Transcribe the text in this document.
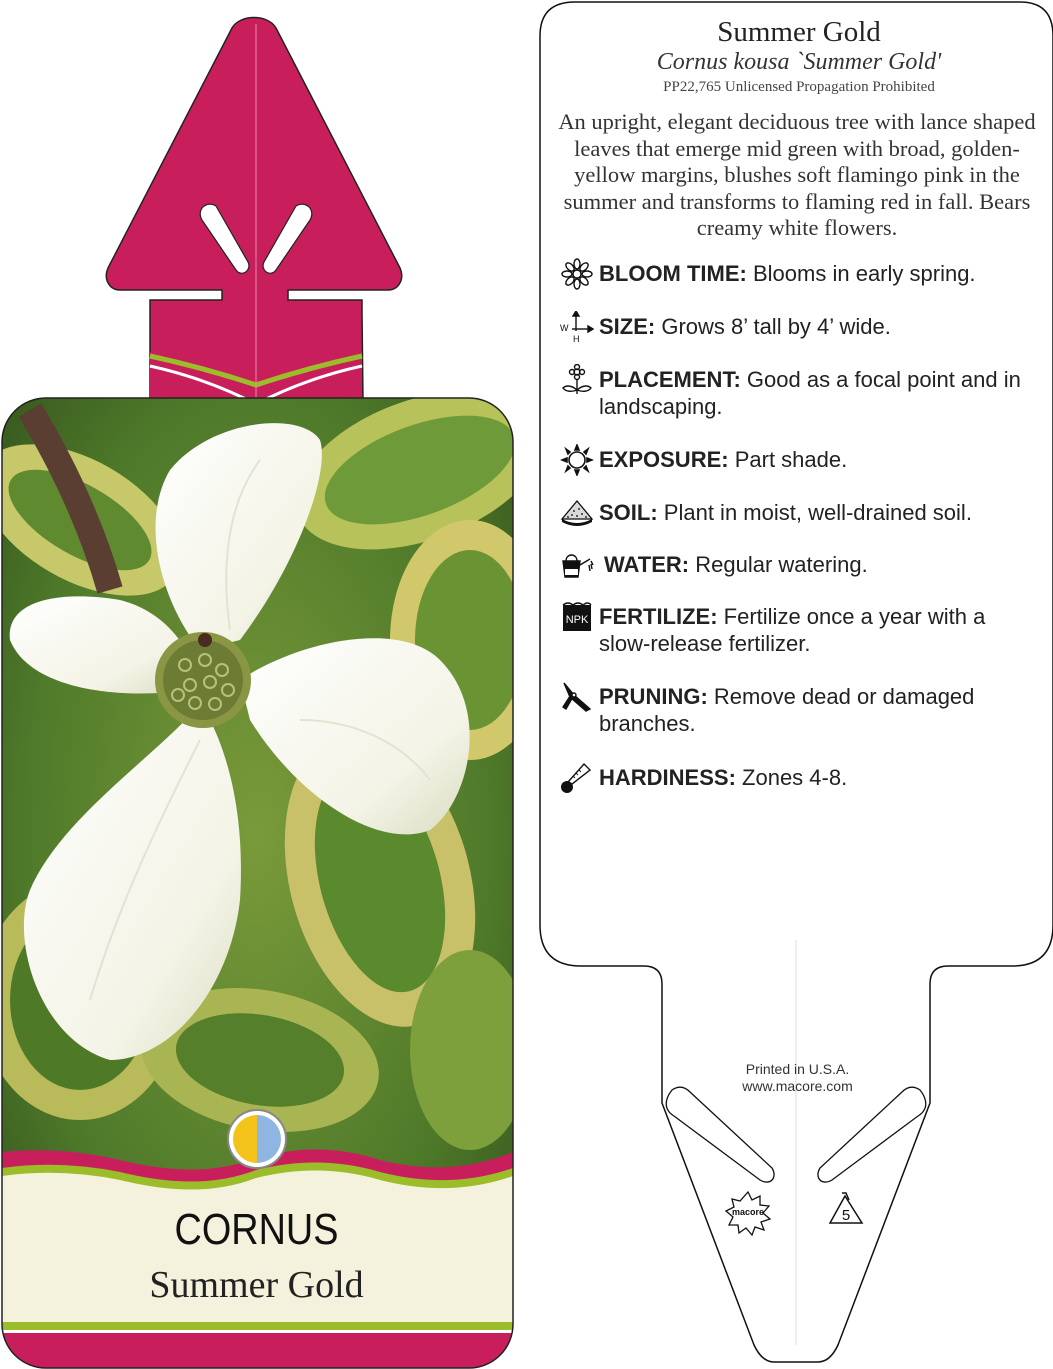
macore	5
CORNUS
Summer Gold
Summer Gold
Cornus kousa `Summer Gold'
PP22,765 Unlicensed Propagation Prohibited
An upright, elegant deciduous tree with lance shaped leaves that emerge mid green with broad, golden-yellow margins, blushes soft flamingo pink in the summer and transforms to flaming red in fall. Bears creamy white flowers.
BLOOM TIME: Blooms in early spring.
W
H SIZE: Grows 8’ tall by 4’ wide.
PLACEMENT: Good as a focal point and in landscaping.
EXPOSURE: Part shade.
SOIL: Plant in moist, well-drained soil.
WATER: Regular watering.
NPK FERTILIZE: Fertilize once a year with a slow-release fertilizer.
PRUNING: Remove dead or damaged branches.
HARDINESS: Zones 4-8.
Printed in U.S.A.
www.macore.com
